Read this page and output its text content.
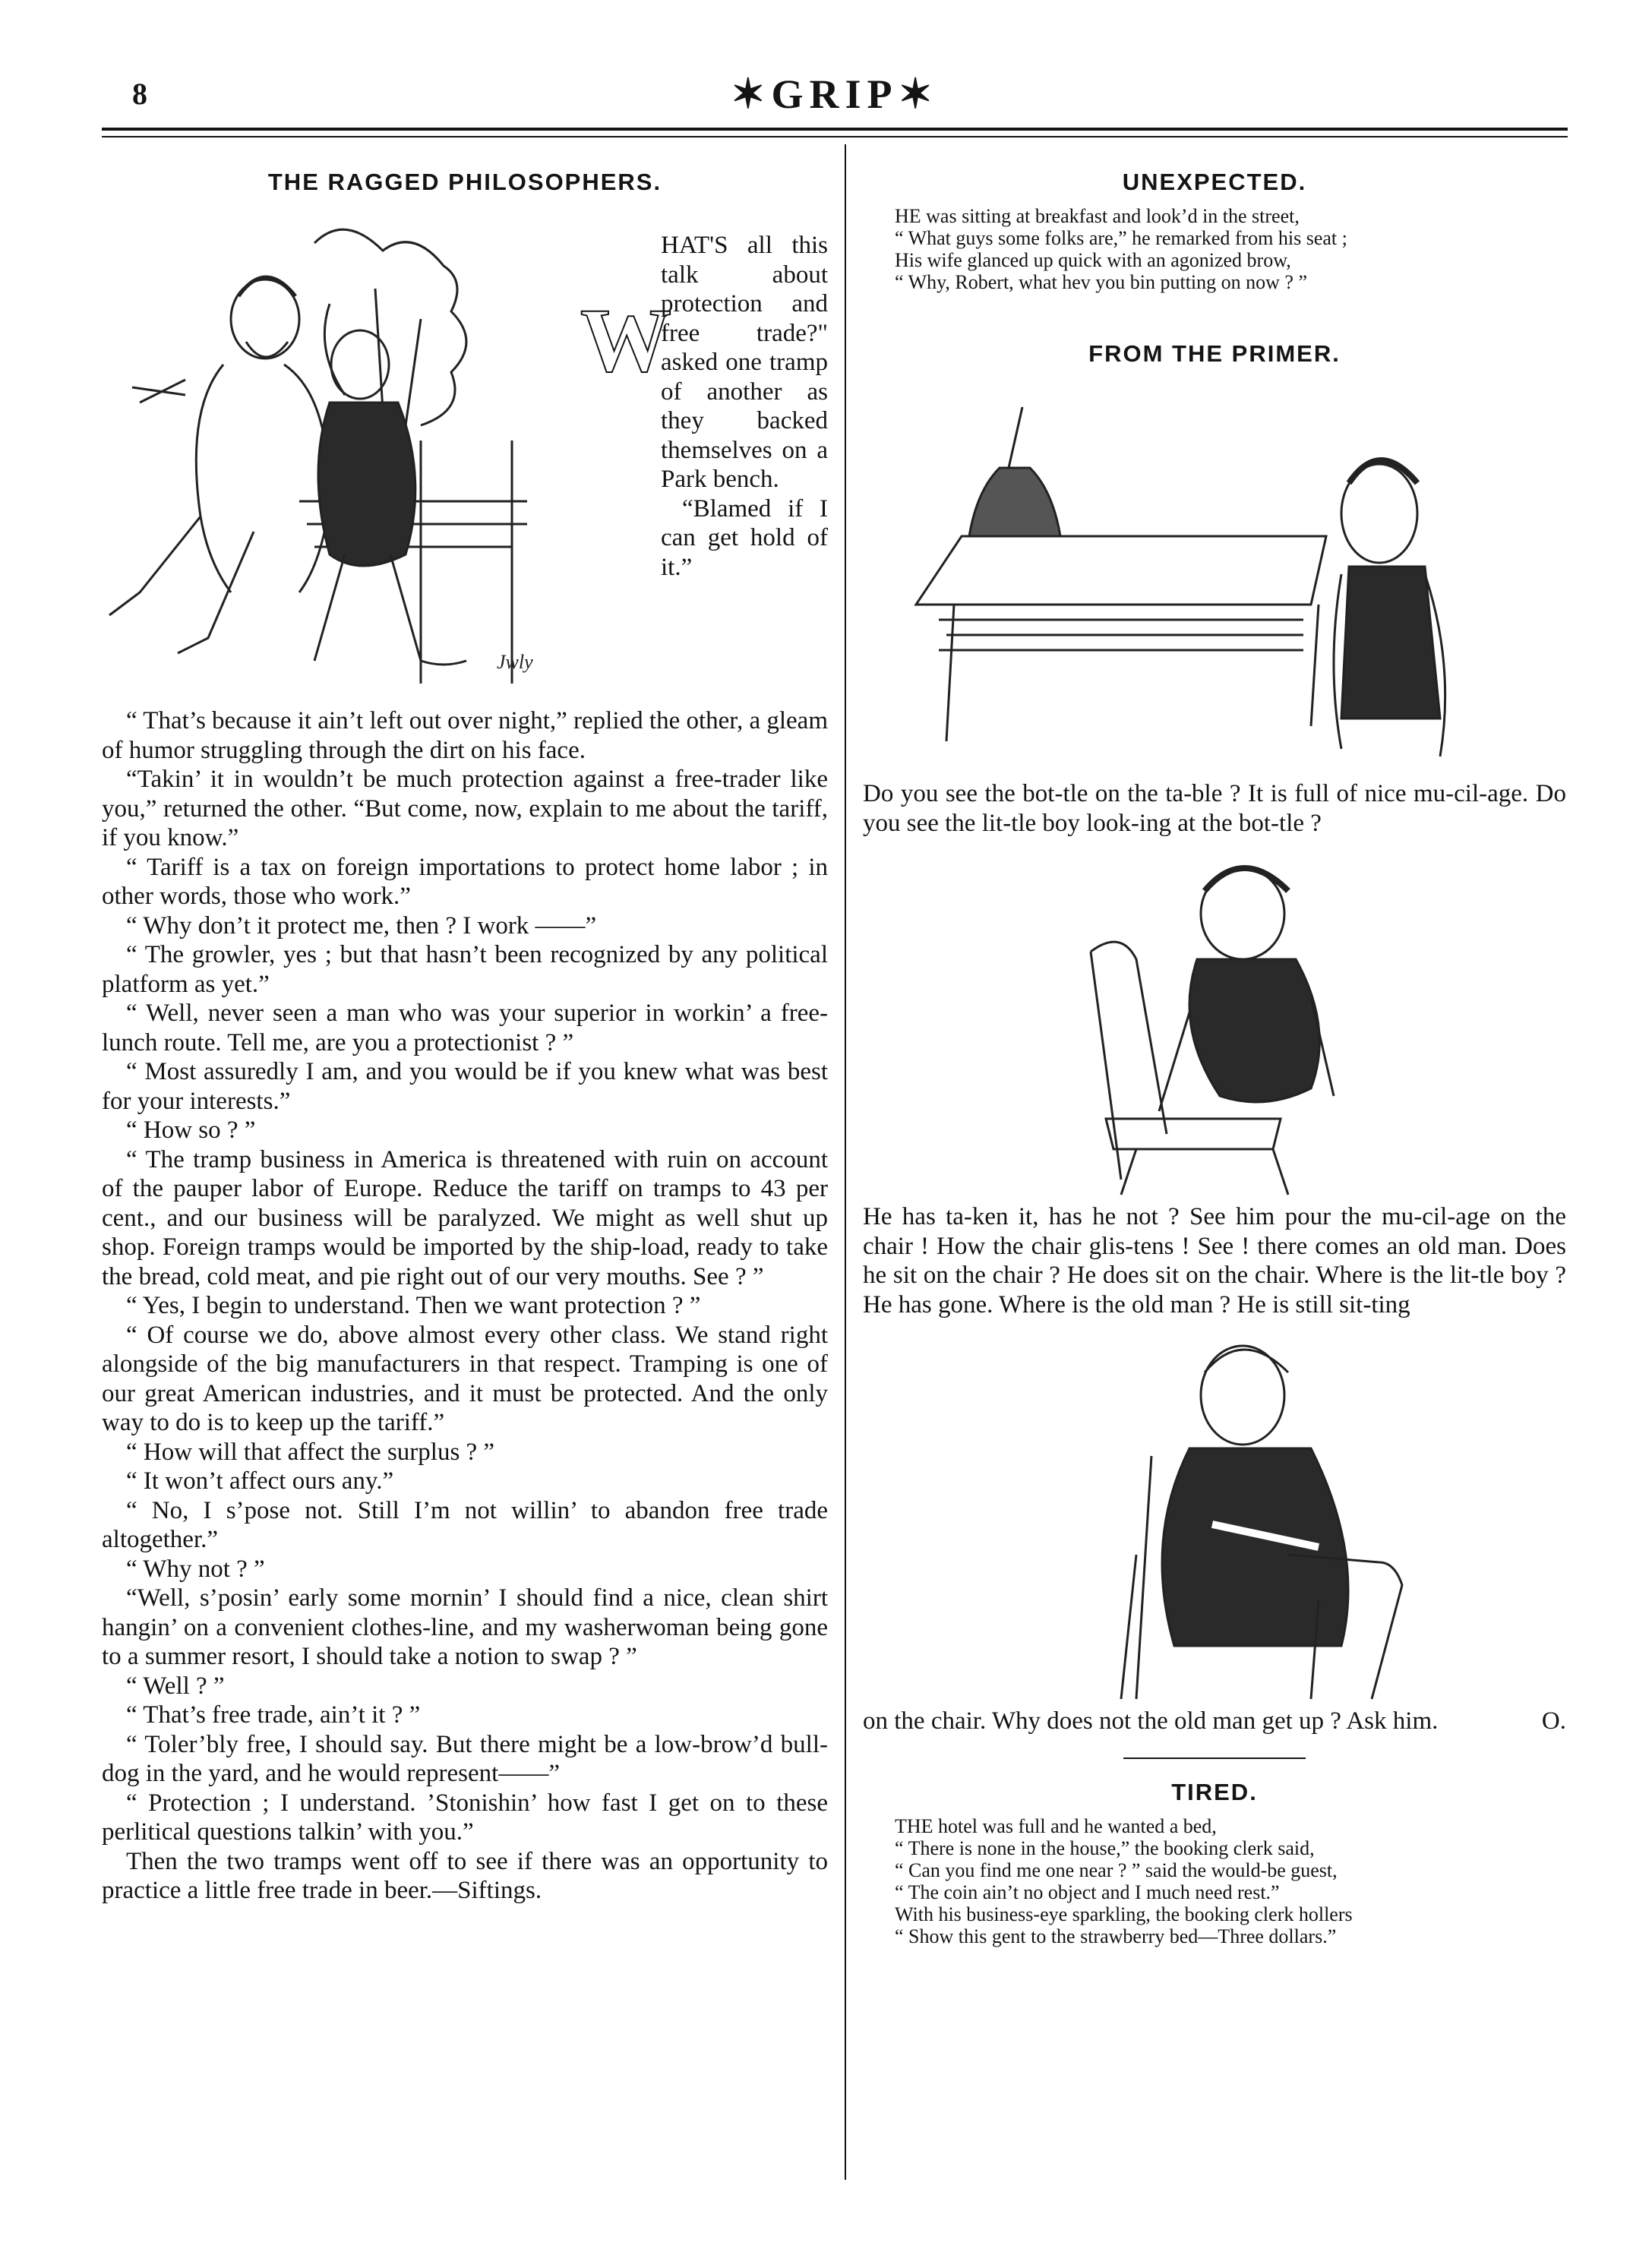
8	✶GRIP✶
THE RAGGED PHILOSOPHERS.
Jwly
W
HAT'S all this talk about protection and free trade?" asked one tramp of another as they backed themselves on a Park bench.
“Blamed if I can get hold of it.”

“ That’s because it ain’t left out over night,” replied the other, a gleam of humor struggling through the dirt on his face.

“Takin’ it in wouldn’t be much protection against a free-trader like you,” returned the other. “But come, now, explain to me about the tariff, if you know.”

“ Tariff is a tax on foreign importations to protect home labor ; in other words, those who work.”

“ Why don’t it protect me, then ? I work ——”

“ The growler, yes ; but that hasn’t been recognized by any political platform as yet.”

“ Well, never seen a man who was your superior in workin’ a free-lunch route. Tell me, are you a protectionist ? ”

“ Most assuredly I am, and you would be if you knew what was best for your interests.”

“ How so ? ”

“ The tramp business in America is threatened with ruin on account of the pauper labor of Europe. Reduce the tariff on tramps to 43 per cent., and our business will be paralyzed. We might as well shut up shop. Foreign tramps would be imported by the ship-load, ready to take the bread, cold meat, and pie right out of our very mouths. See ? ”

“ Yes, I begin to understand. Then we want protection ? ”

“ Of course we do, above almost every other class. We stand right alongside of the big manufacturers in that respect. Tramping is one of our great American industries, and it must be protected. And the only way to do is to keep up the tariff.”

“ How will that affect the surplus ? ”

“ It won’t affect ours any.”

“ No, I s’pose not. Still I’m not willin’ to abandon free trade altogether.”

“ Why not ? ”

“Well, s’posin’ early some mornin’ I should find a nice, clean shirt hangin’ on a convenient clothes-line, and my washerwoman being gone to a summer resort, I should take a notion to swap ? ”

“ Well ? ”

“ That’s free trade, ain’t it ? ”

“ Toler’bly free, I should say. But there might be a low-brow’d bull-dog in the yard, and he would represent——”

“ Protection ; I understand. ’Stonishin’ how fast I get on to these perlitical questions talkin’ with you.”

Then the two tramps went off to see if there was an opportunity to practice a little free trade in beer.—Siftings.

UNEXPECTED.
HE was sitting at breakfast and look’d in the street,
“ What guys some folks are,” he remarked from his seat ;
His wife glanced up quick with an agonized brow,
“ Why, Robert, what hev you bin putting on now ? ”
FROM THE PRIMER.

Do you see the bot-tle on the ta-ble ? It is full of nice mu-cil-age. Do you see the lit-tle boy look-ing at the bot-tle ?

He has ta-ken it, has he not ? See him pour the mu-cil-age on the chair ! How the chair glis-tens ! See ! there comes an old man. Does he sit on the chair ? He does sit on the chair. Where is the lit-tle boy ? He has gone. Where is the old man ? He is still sit-ting

on the chair. Why does not the old man get up ? Ask him.	O.

TIRED.
THE hotel was full and he wanted a bed,
“ There is none in the house,” the booking clerk said,
“ Can you find me one near ? ” said the would-be guest,
“ The coin ain’t no object and I much need rest.”
With his business-eye sparkling, the booking clerk hollers
“ Show this gent to the strawberry bed—Three dollars.”
